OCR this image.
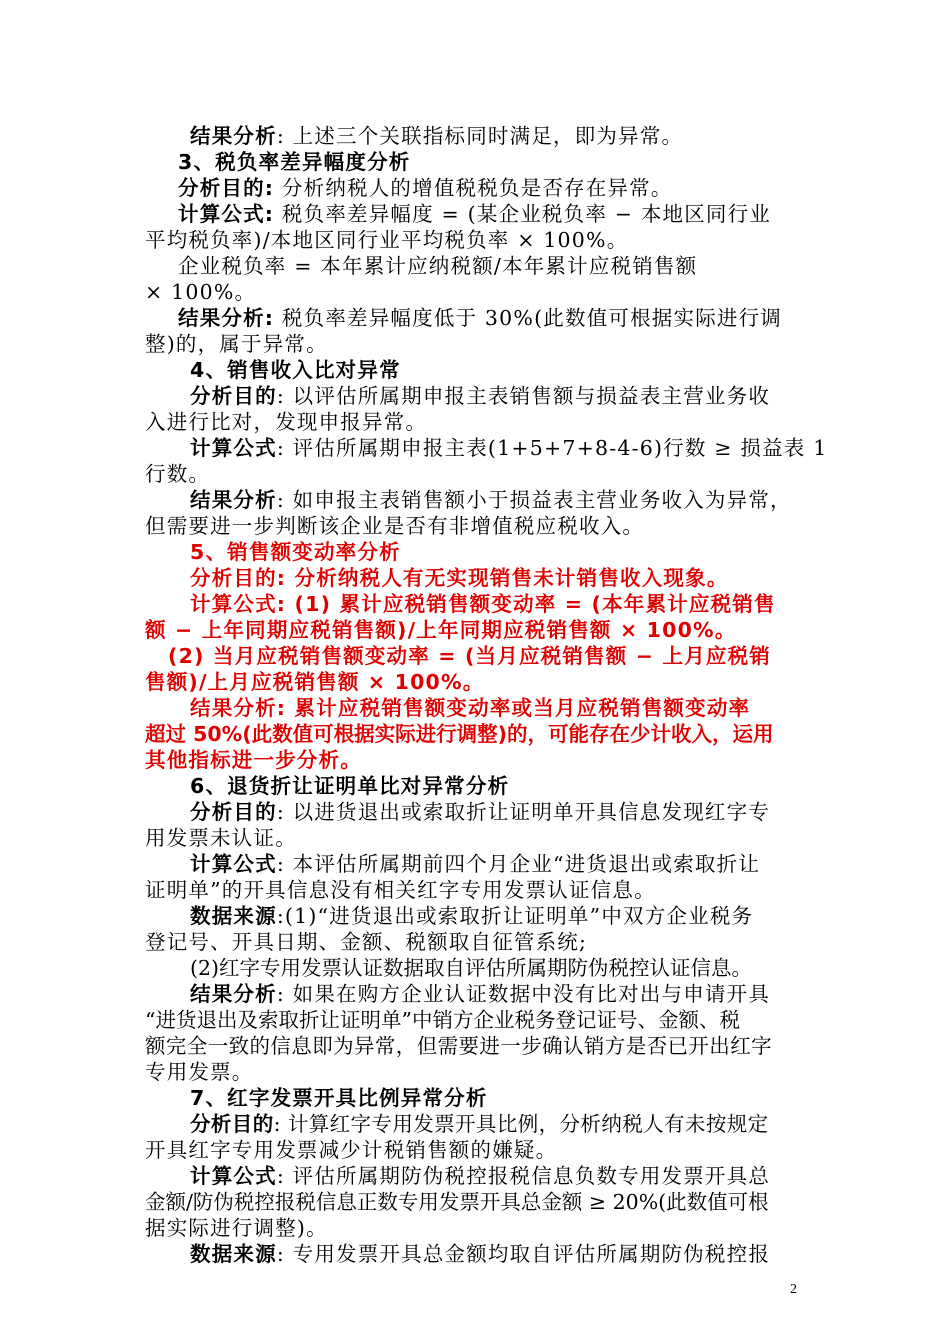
结果分析: 上述三个关联指标同时满足，即为异常。
3、税负率差异幅度分析
分析目的: 分析纳税人的增值税税负是否存在异常。
计算公式: 税负率差异幅度 = (某企业税负率 − 本地区同行业
平均税负率)/本地区同行业平均税负率 × 100%。
企业税负率 = 本年累计应纳税额/本年累计应税销售额
× 100%。
结果分析: 税负率差异幅度低于 30%(此数值可根据实际进行调
整)的，属于异常。
4、销售收入比对异常
分析目的: 以评估所属期申报主表销售额与损益表主营业务收
入进行比对，发现申报异常。
计算公式: 评估所属期申报主表(1+5+7+8-4-6)行数 ≥ 损益表 1
行数。
结果分析: 如申报主表销售额小于损益表主营业务收入为异常，
但需要进一步判断该企业是否有非增值税应税收入。
5、销售额变动率分析
分析目的: 分析纳税人有无实现销售未计销售收入现象。
计算公式: (1) 累计应税销售额变动率 = (本年累计应税销售
额 − 上年同期应税销售额)/上年同期应税销售额 × 100%。
(2) 当月应税销售额变动率 = (当月应税销售额 − 上月应税销
售额)/上月应税销售额 × 100%。
结果分析: 累计应税销售额变动率或当月应税销售额变动率
超过 50%(此数值可根据实际进行调整)的，可能存在少计收入，运用
其他指标进一步分析。
6、退货折让证明单比对异常分析
分析目的: 以进货退出或索取折让证明单开具信息发现红字专
用发票未认证。
计算公式: 本评估所属期前四个月企业“进货退出或索取折让
证明单”的开具信息没有相关红字专用发票认证信息。
数据来源:(1)“进货退出或索取折让证明单”中双方企业税务
登记号、开具日期、金额、税额取自征管系统;
(2)红字专用发票认证数据取自评估所属期防伪税控认证信息。
结果分析: 如果在购方企业认证数据中没有比对出与申请开具
“进货退出及索取折让证明单”中销方企业税务登记证号、金额、税
额完全一致的信息即为异常，但需要进一步确认销方是否已开出红字
专用发票。
7、红字发票开具比例异常分析
分析目的: 计算红字专用发票开具比例，分析纳税人有未按规定
开具红字专用发票减少计税销售额的嫌疑。
计算公式: 评估所属期防伪税控报税信息负数专用发票开具总
金额/防伪税控报税信息正数专用发票开具总金额 ≥ 20%(此数值可根
据实际进行调整)。
数据来源: 专用发票开具总金额均取自评估所属期防伪税控报
2
